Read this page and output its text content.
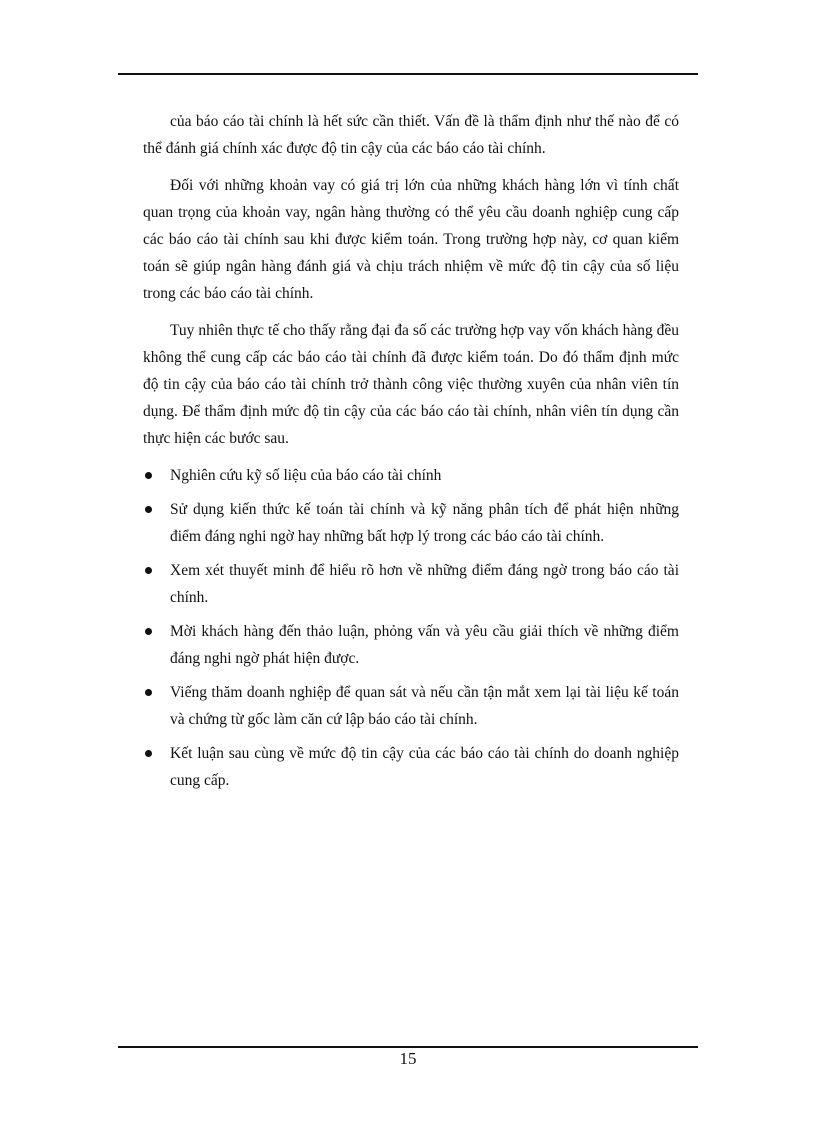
của báo cáo tài chính là hết sức cần thiết. Vấn đề là thẩm định như thế nào để có thể đánh giá chính xác được độ tin cậy của các báo cáo tài chính.

Đối với những khoản vay có giá trị lớn của những khách hàng lớn vì tính chất quan trọng của khoản vay, ngân hàng thường có thể yêu cầu doanh nghiệp cung cấp các báo cáo tài chính sau khi được kiểm toán. Trong trường hợp này, cơ quan kiểm toán sẽ giúp ngân hàng đánh giá và chịu trách nhiệm về mức độ tin cậy của số liệu trong các báo cáo tài chính.

Tuy nhiên thực tế cho thấy rằng đại đa số các trường hợp vay vốn khách hàng đều không thể cung cấp các báo cáo tài chính đã được kiểm toán. Do đó thẩm định mức độ tin cậy của báo cáo tài chính trở thành công việc thường xuyên của nhân viên tín dụng. Để thẩm định mức độ tin cậy của các báo cáo tài chính, nhân viên tín dụng cần thực hiện các bước sau.

Nghiên cứu kỹ số liệu của báo cáo tài chính
Sử dụng kiến thức kế toán tài chính và kỹ năng phân tích để phát hiện những điểm đáng nghi ngờ hay những bất hợp lý trong các báo cáo tài chính.
Xem xét thuyết minh để hiểu rõ hơn về những điểm đáng ngờ trong báo cáo tài chính.
Mời khách hàng đến thảo luận, phỏng vấn và yêu cầu giải thích về những điểm đáng nghi ngờ phát hiện được.
Viếng thăm doanh nghiệp để quan sát và nếu cần tận mắt xem lại tài liệu kế toán và chứng từ gốc làm căn cứ lập báo cáo tài chính.
Kết luận sau cùng về mức độ tin cậy của các báo cáo tài chính do doanh nghiệp cung cấp.
15
